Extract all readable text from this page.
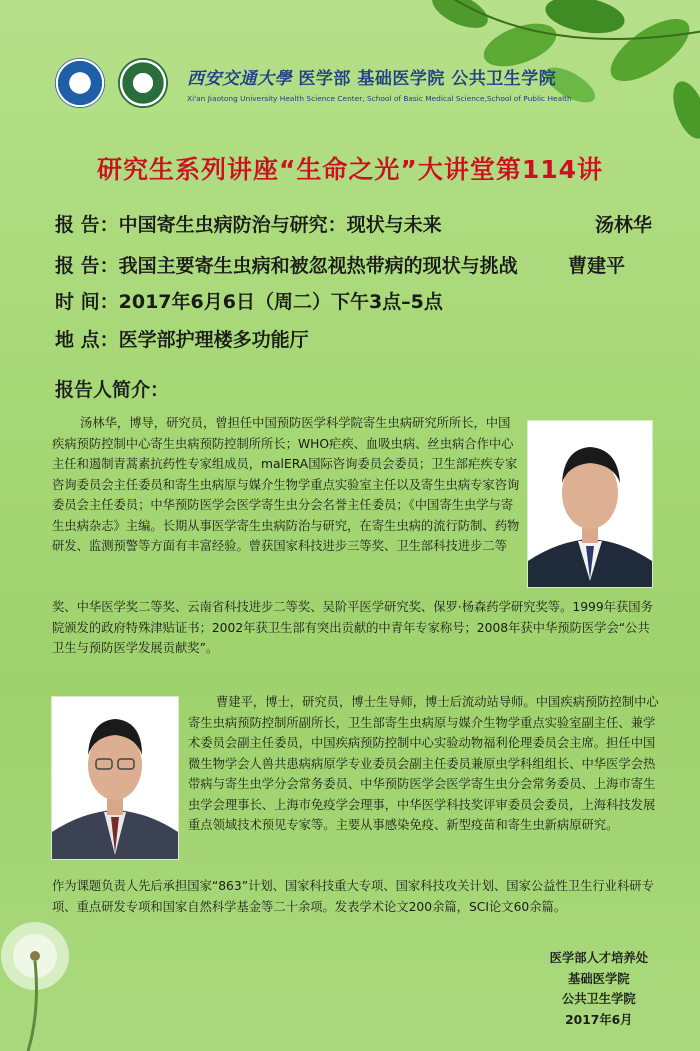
西安交通大學 医学部 基础医学院 公共卫生学院
Xi'an Jiaotong University Health Science Center, School of Basic Medical Science,School of Public Health
研究生系列讲座“生命之光”大讲堂第114讲
报 告：中国寄生虫病防治与研究：现状与未来	汤林华
报 告：我国主要寄生虫病和被忽视热带病的现状与挑战	曹建平
时 间：2017年6月6日（周二）下午3点–5点
地 点：医学部护理楼多功能厅
报告人简介：
汤林华，博导，研究员，曾担任中国预防医学科学院寄生虫病研究所所长，中国疾病预防控制中心寄生虫病预防控制所所长；WHO疟疾、血吸虫病、丝虫病合作中心主任和遏制青蒿素抗药性专家组成员，malERA国际咨询委员会委员；卫生部疟疾专家咨询委员会主任委员和寄生虫病原与媒介生物学重点实验室主任以及寄生虫病专家咨询委员会主任委员；中华预防医学会医学寄生虫分会名誉主任委员；《中国寄生虫学与寄生虫病杂志》主编。长期从事医学寄生虫病防治与研究，在寄生虫病的流行防制、药物研发、监测预警等方面有丰富经验。曾获国家科技进步三等奖、卫生部科技进步二等
奖、中华医学奖二等奖、云南省科技进步二等奖、吴阶平医学研究奖、保罗·杨森药学研究奖等。1999年获国务院颁发的政府特殊津贴证书；2002年获卫生部有突出贡献的中青年专家称号；2008年获中华预防医学会“公共卫生与预防医学发展贡献奖”。
曹建平，博士，研究员，博士生导师，博士后流动站导师。中国疾病预防控制中心寄生虫病预防控制所副所长，卫生部寄生虫病原与媒介生物学重点实验室副主任、兼学术委员会副主任委员，中国疾病预防控制中心实验动物福利伦理委员会主席。担任中国微生物学会人兽共患病病原学专业委员会副主任委员兼原虫学科组组长、中华医学会热带病与寄生虫学分会常务委员、中华预防医学会医学寄生虫分会常务委员、上海市寄生虫学会理事长、上海市免疫学会理事，中华医学科技奖评审委员会委员，上海科技发展重点领域技术预见专家等。主要从事感染免疫、新型疫苗和寄生虫新病原研究。
作为课题负责人先后承担国家“863”计划、国家科技重大专项、国家科技攻关计划、国家公益性卫生行业科研专项、重点研发专项和国家自然科学基金等二十余项。发表学术论文200余篇，SCI论文60余篇。
医学部人才培养处
基础医学院
公共卫生学院
2017年6月
